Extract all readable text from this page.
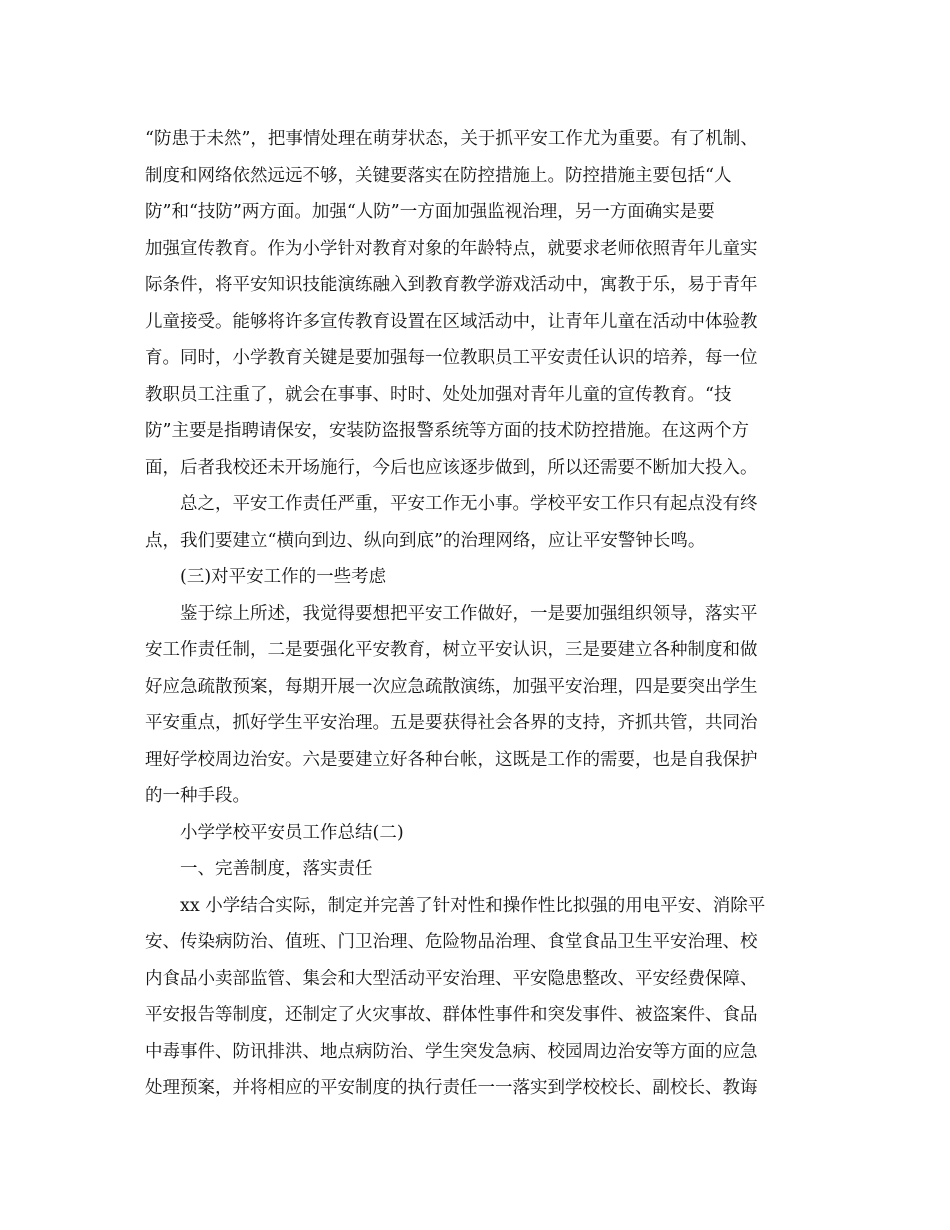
“防患于未然”，把事情处理在萌芽状态，关于抓平安工作尤为重要。有了机制、
制度和网络依然远远不够，关键要落实在防控措施上。防控措施主要包括“人
防”和“技防”两方面。加强“人防”一方面加强监视治理，另一方面确实是要
加强宣传教育。作为小学针对教育对象的年龄特点，就要求老师依照青年儿童实
际条件，将平安知识技能演练融入到教育教学游戏活动中，寓教于乐，易于青年
儿童接受。能够将许多宣传教育设置在区域活动中，让青年儿童在活动中体验教
育。同时，小学教育关键是要加强每一位教职员工平安责任认识的培养，每一位
教职员工注重了，就会在事事、时时、处处加强对青年儿童的宣传教育。“技
防”主要是指聘请保安，安装防盗报警系统等方面的技术防控措施。在这两个方
面，后者我校还未开场施行，今后也应该逐步做到，所以还需要不断加大投入。
　　总之，平安工作责任严重，平安工作无小事。学校平安工作只有起点没有终
点，我们要建立“横向到边、纵向到底”的治理网络，应让平安警钟长鸣。
　　(三)对平安工作的一些考虑
　　鉴于综上所述，我觉得要想把平安工作做好，一是要加强组织领导，落实平
安工作责任制，二是要强化平安教育，树立平安认识，三是要建立各种制度和做
好应急疏散预案，每期开展一次应急疏散演练，加强平安治理，四是要突出学生
平安重点，抓好学生平安治理。五是要获得社会各界的支持，齐抓共管，共同治
理好学校周边治安。六是要建立好各种台帐，这既是工作的需要，也是自我保护
的一种手段。
　　小学学校平安员工作总结(二)
　　一、完善制度，落实责任
　　xx 小学结合实际，制定并完善了针对性和操作性比拟强的用电平安、消除平
安、传染病防治、值班、门卫治理、危险物品治理、食堂食品卫生平安治理、校
内食品小卖部监管、集会和大型活动平安治理、平安隐患整改、平安经费保障、
平安报告等制度，还制定了火灾事故、群体性事件和突发事件、被盗案件、食品
中毒事件、防讯排洪、地点病防治、学生突发急病、校园周边治安等方面的应急
处理预案，并将相应的平安制度的执行责任一一落实到学校校长、副校长、教诲
